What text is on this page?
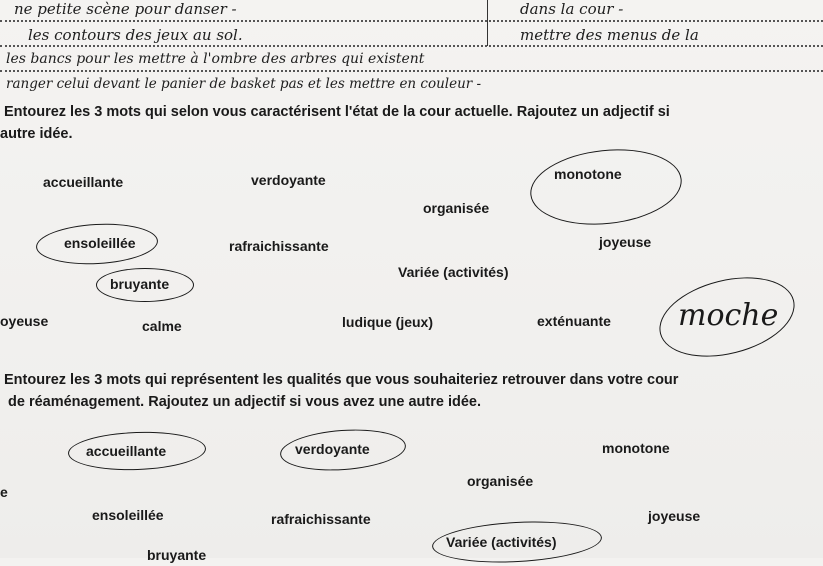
ne petite scène pour danser -	dans la cour -
les contours des jeux au sol.	mettre des menus de la
les bancs pour les mettre à l'ombre des arbres qui existent
ranger celui devant le panier de basket pas et les mettre en couleur -
Entourez les 3 mots qui selon vous caractérisent l'état de la cour actuelle. Rajoutez un adjectif si
autre idée.
accueillante	verdoyante	monotone
organisée
ensoleillée	rafraichissante	joyeuse
Variée (activités)
bruyante
oyeuse	calme	ludique (jeux)	exténuante moche
Entourez les 3 mots qui représentent les qualités que vous souhaiteriez retrouver dans votre cour
de réaménagement. Rajoutez un adjectif si vous avez une autre idée.
accueillante	verdoyante	monotone
e
organisée
ensoleillée	rafraichissante	joyeuse
Variée (activités)
bruyante
